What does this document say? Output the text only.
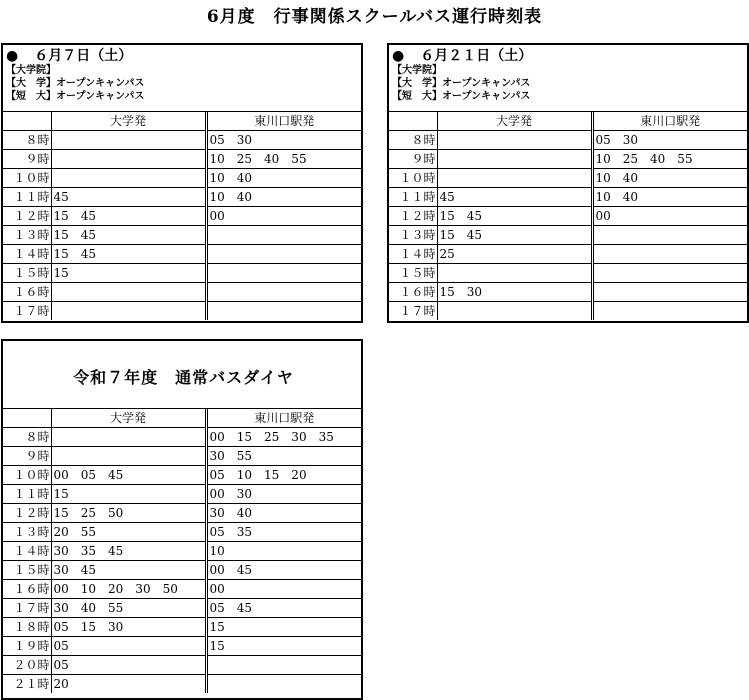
6月度　行事関係スクールバス運行時刻表
● ６月７日（土）
【大学院】
【大　学】オープンキャンパス
【短　大】オープンキャンパス
	大学発	東川口駅発
８時		05　30
９時		10　25　40　55
１０時		10　40
１１時	45	10　40
１２時	15　45	00
１３時	15　45	
１４時	15　45	
１５時	15	
１６時		
１７時		
● ６月２１日（土）
【大学院】
【大　学】オープンキャンパス
【短　大】オープンキャンパス
	大学発	東川口駅発
８時		05　30
９時		10　25　40　55
１０時		10　40
１１時	45	10　40
１２時	15　45	00
１３時	15　45	
１４時	25	
１５時		
１６時	15　30	
１７時		
令和７年度　通常バスダイヤ
	大学発	東川口駅発
８時		00　15　25　30　35
９時		30　55
１０時	00　05　45	05　10　15　20
１１時	15	00　30
１２時	15　25　50	30　40
１３時	20　55	05　35
１４時	30　35　45	10
１５時	30　45	00　45
１６時	00　10　20　30　50	00
１７時	30　40　55	05　45
１８時	05　15　30	15
１９時	05	15
２０時	05	
２１時	20	
